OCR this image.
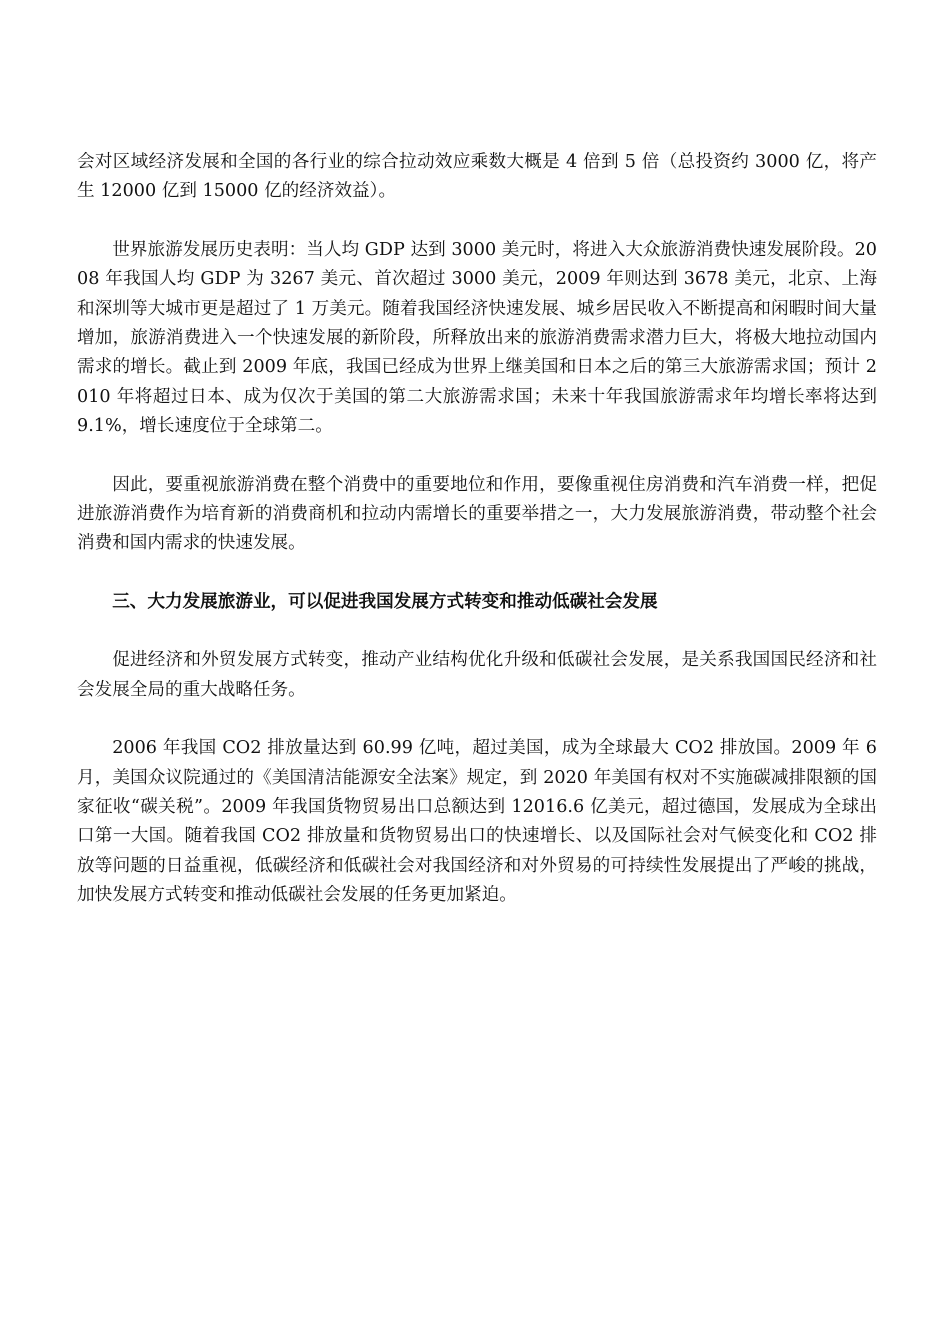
会对区域经济发展和全国的各行业的综合拉动效应乘数大概是 4 倍到 5 倍（总投资约 3000 亿，将产生 12000 亿到 15000 亿的经济效益）。

世界旅游发展历史表明：当人均 GDP 达到 3000 美元时，将进入大众旅游消费快速发展阶段。2008 年我国人均 GDP 为 3267 美元、首次超过 3000 美元，2009 年则达到 3678 美元，北京、上海和深圳等大城市更是超过了 1 万美元。随着我国经济快速发展、城乡居民收入不断提高和闲暇时间大量增加，旅游消费进入一个快速发展的新阶段，所释放出来的旅游消费需求潜力巨大，将极大地拉动国内需求的增长。截止到 2009 年底，我国已经成为世界上继美国和日本之后的第三大旅游需求国；预计 2010 年将超过日本、成为仅次于美国的第二大旅游需求国；未来十年我国旅游需求年均增长率将达到 9.1%，增长速度位于全球第二。

因此，要重视旅游消费在整个消费中的重要地位和作用，要像重视住房消费和汽车消费一样，把促进旅游消费作为培育新的消费商机和拉动内需增长的重要举措之一，大力发展旅游消费，带动整个社会消费和国内需求的快速发展。

三、大力发展旅游业，可以促进我国发展方式转变和推动低碳社会发展

促进经济和外贸发展方式转变，推动产业结构优化升级和低碳社会发展，是关系我国国民经济和社会发展全局的重大战略任务。

2006 年我国 CO2 排放量达到 60.99 亿吨，超过美国，成为全球最大 CO2 排放国。2009 年 6 月，美国众议院通过的《美国清洁能源安全法案》规定，到 2020 年美国有权对不实施碳减排限额的国家征收“碳关税”。2009 年我国货物贸易出口总额达到 12016.6 亿美元，超过德国，发展成为全球出口第一大国。随着我国 CO2 排放量和货物贸易出口的快速增长、以及国际社会对气候变化和 CO2 排放等问题的日益重视，低碳经济和低碳社会对我国经济和对外贸易的可持续性发展提出了严峻的挑战，加快发展方式转变和推动低碳社会发展的任务更加紧迫。
